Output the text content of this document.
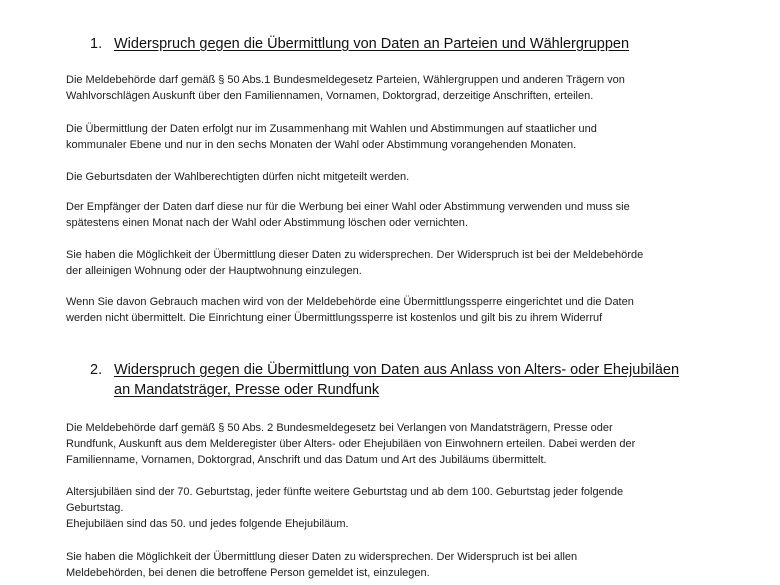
1. Widerspruch gegen die Übermittlung von Daten an Parteien und Wählergruppen
Die Meldebehörde darf gemäß § 50 Abs.1 Bundesmeldegesetz Parteien, Wählergruppen und anderen Trägern von
Wahlvorschlägen Auskunft über den Familiennamen, Vornamen, Doktorgrad, derzeitige Anschriften, erteilen.
Die Übermittlung der Daten erfolgt nur im Zusammenhang mit Wahlen und Abstimmungen auf staatlicher und
kommunaler Ebene und nur in den sechs Monaten der Wahl oder Abstimmung vorangehenden Monaten.
Die Geburtsdaten der Wahlberechtigten dürfen nicht mitgeteilt werden.
Der Empfänger der Daten darf diese nur für die Werbung bei einer Wahl oder Abstimmung verwenden und muss sie
spätestens einen Monat nach der Wahl oder Abstimmung löschen oder vernichten.
Sie haben die Möglichkeit der Übermittlung dieser Daten zu widersprechen. Der Widerspruch ist bei der Meldebehörde
der alleinigen Wohnung oder der Hauptwohnung einzulegen.
Wenn Sie davon Gebrauch machen wird von der Meldebehörde eine Übermittlungssperre eingerichtet und die Daten
werden nicht übermittelt. Die Einrichtung einer Übermittlungssperre ist kostenlos und gilt bis zu ihrem Widerruf
2. Widerspruch gegen die Übermittlung von Daten aus Anlass von Alters- oder Ehejubiläen
an Mandatsträger, Presse oder Rundfunk
Die Meldebehörde darf gemäß § 50 Abs. 2 Bundesmeldegesetz bei Verlangen von Mandatsträgern, Presse oder
Rundfunk, Auskunft aus dem Melderegister über Alters- oder Ehejubiläen von Einwohnern erteilen. Dabei werden der
Familienname, Vornamen, Doktorgrad, Anschrift und das Datum und Art des Jubiläums übermittelt.
Altersjubiläen sind der 70. Geburtstag, jeder fünfte weitere Geburtstag und ab dem 100. Geburtstag jeder folgende
Geburtstag.
Ehejubiläen sind das 50. und jedes folgende Ehejubiläum.
Sie haben die Möglichkeit der Übermittlung dieser Daten zu widersprechen. Der Widerspruch ist bei allen
Meldebehörden, bei denen die betroffene Person gemeldet ist, einzulegen.
